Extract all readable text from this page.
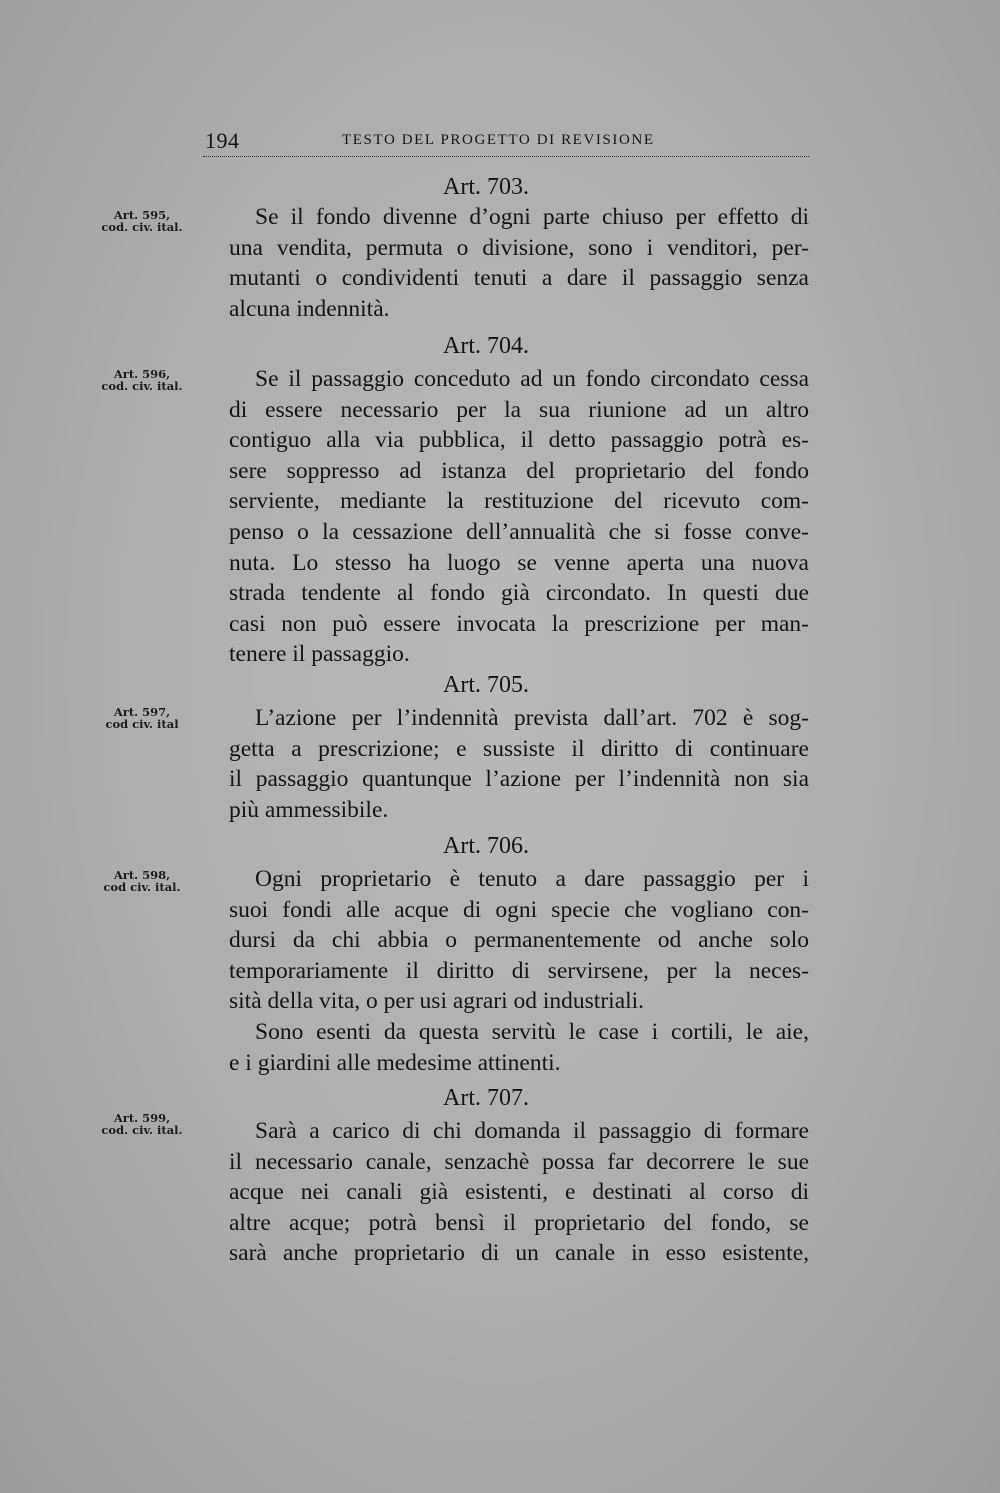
194	TESTO DEL PROGETTO DI REVISIONE
Art. 595,
cod. civ. ital.
Art. 703.
Se il fondo divenne d’ogni parte chiuso per effetto di
una vendita, permuta o divisione, sono i venditori, per-
mutanti o condividenti tenuti a dare il passaggio senza
alcuna indennità.
Art. 596,
cod. civ. ital.
Art. 704.
Se il passaggio conceduto ad un fondo circondato cessa
di essere necessario per la sua riunione ad un altro
contiguo alla via pubblica, il detto passaggio potrà es-
sere soppresso ad istanza del proprietario del fondo
serviente, mediante la restituzione del ricevuto com-
penso o la cessazione dell’annualità che si fosse conve-
nuta. Lo stesso ha luogo se venne aperta una nuova
strada tendente al fondo già circondato. In questi due
casi non può essere invocata la prescrizione per man-
tenere il passaggio.
Art. 597,
cod civ. ital
Art. 705.
L’azione per l’indennità prevista dall’art. 702 è sog-
getta a prescrizione; e sussiste il diritto di continuare
il passaggio quantunque l’azione per l’indennità non sia
più ammessibile.
Art. 598,
cod civ. ital.
Art. 706.
Ogni proprietario è tenuto a dare passaggio per i
suoi fondi alle acque di ogni specie che vogliano con-
dursi da chi abbia o permanentemente od anche solo
temporariamente il diritto di servirsene, per la neces-
sità della vita, o per usi agrari od industriali.
Sono esenti da questa servitù le case i cortili, le aie,
e i giardini alle medesime attinenti.
Art. 599,
cod. civ. ital.
Art. 707.
Sarà a carico di chi domanda il passaggio di formare
il necessario canale, senzachè possa far decorrere le sue
acque nei canali già esistenti, e destinati al corso di
altre acque; potrà bensì il proprietario del fondo, se
sarà anche proprietario di un canale in esso esistente,
